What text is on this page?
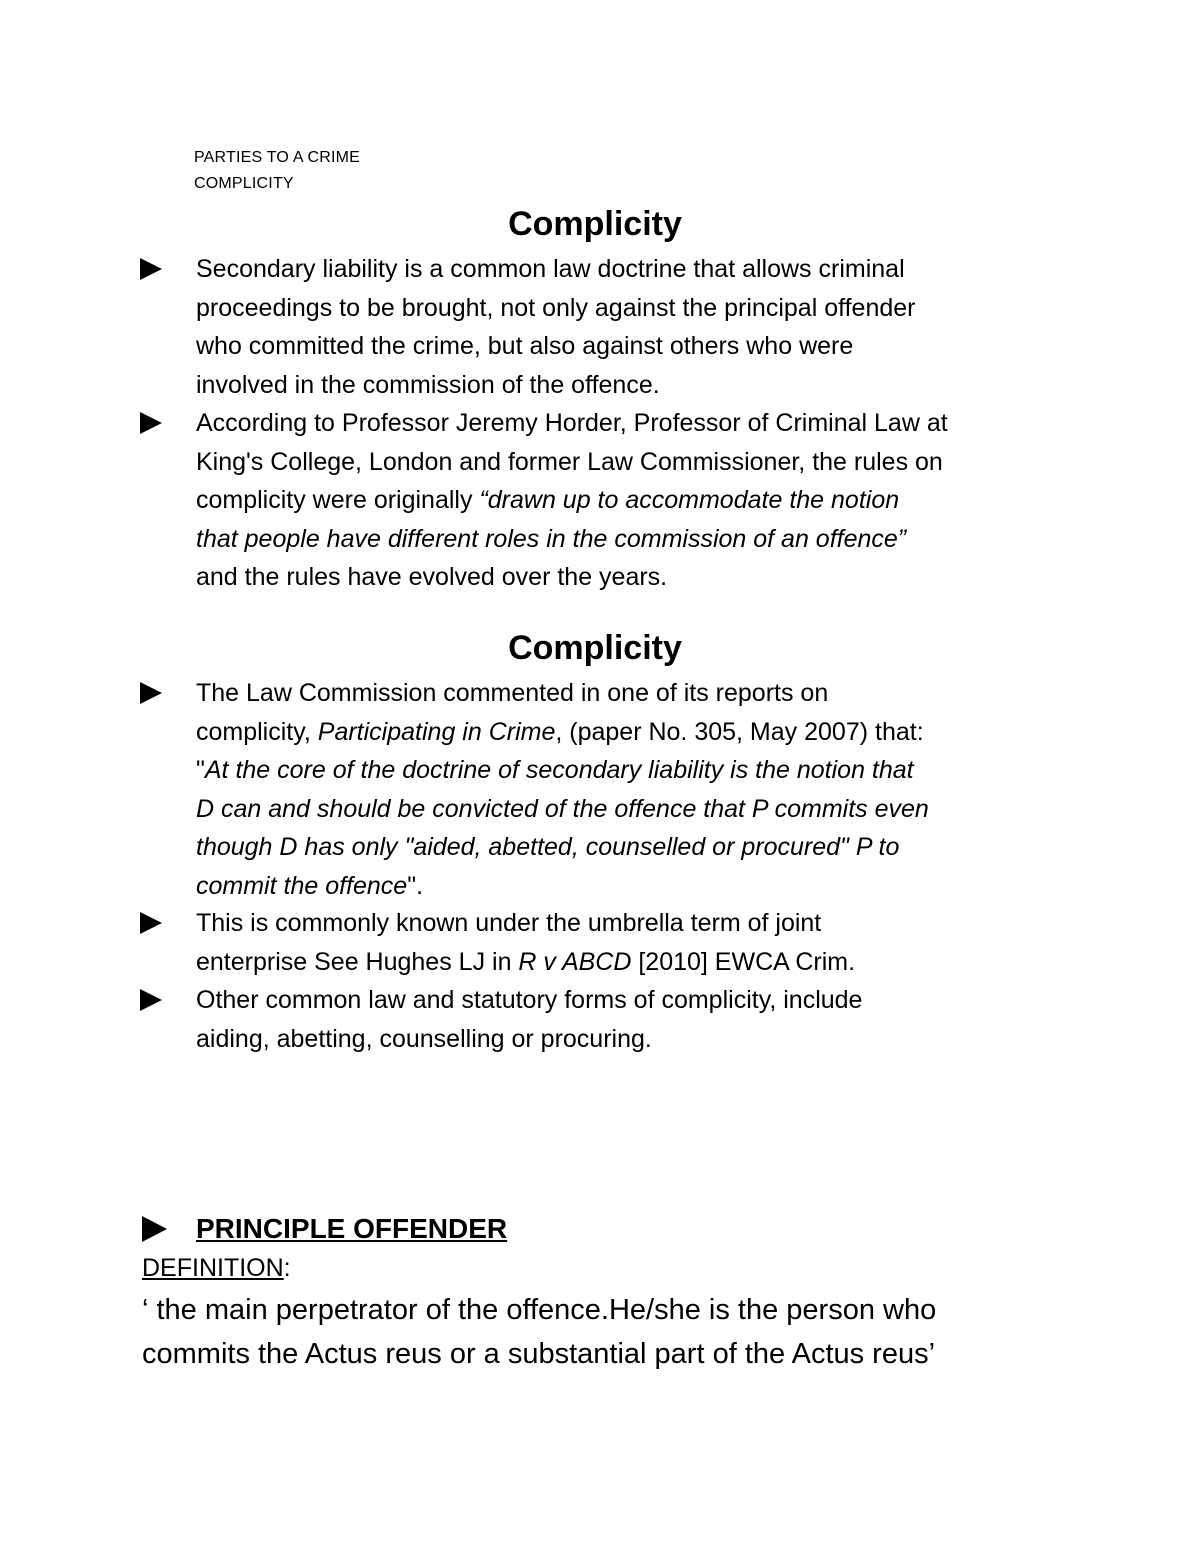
PARTIES TO A CRIME
COMPLICITY
Complicity
Secondary liability is a common law doctrine that allows criminal
proceedings to be brought, not only against the principal offender
who committed the crime, but also against others who were
involved in the commission of the offence.
According to Professor Jeremy Horder, Professor of Criminal Law at
King's College, London and former Law Commissioner, the rules on
complicity were originally “drawn up to accommodate the notion
that people have different roles in the commission of an offence”
and the rules have evolved over the years.
Complicity
The Law Commission commented in one of its reports on
complicity, Participating in Crime, (paper No. 305, May 2007) that:
"At the core of the doctrine of secondary liability is the notion that
D can and should be convicted of the offence that P commits even
though D has only "aided, abetted, counselled or procured" P to
commit the offence".
This is commonly known under the umbrella term of joint
enterprise See Hughes LJ in R v ABCD [2010] EWCA Crim.
Other common law and statutory forms of complicity, include
aiding, abetting, counselling or procuring.
PRINCIPLE OFFENDER
DEFINITION:
‘ the main perpetrator of the offence.He/she is the person who
commits the Actus reus or a substantial part of the Actus reus’
